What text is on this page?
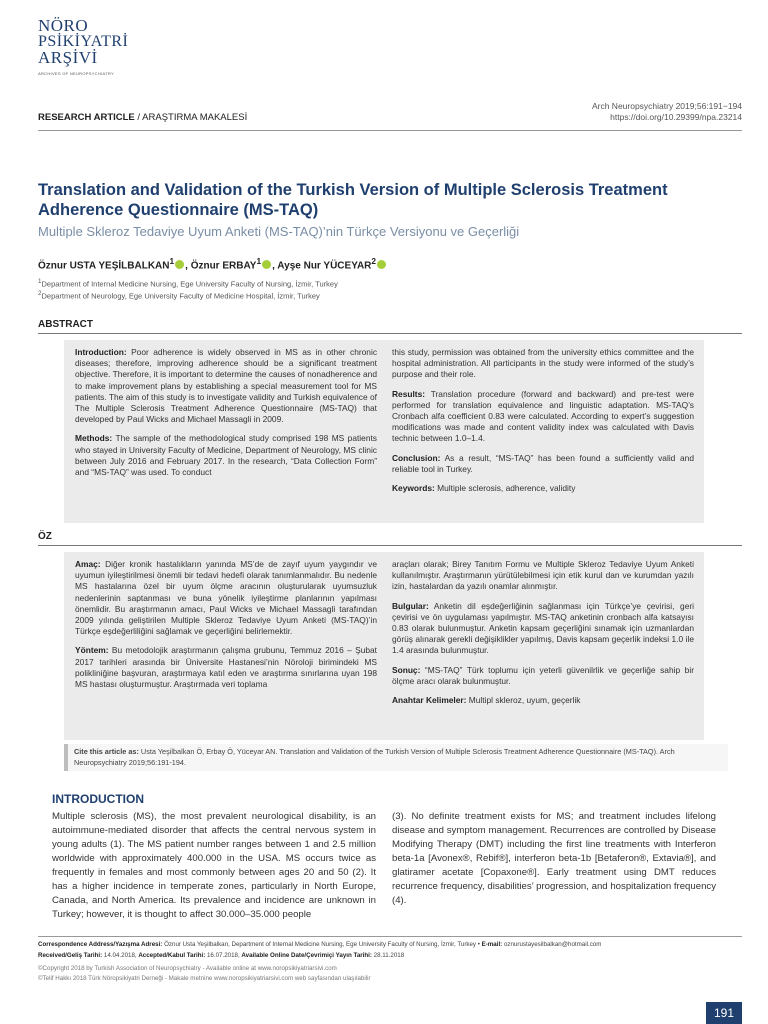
NÖRO
PSİKİYATRİ
ARŞİVİ
ARCHIVES OF NEUROPSYCHIATRY
Arch Neuropsychiatry 2019;56:191−194
https://doi.org/10.29399/npa.23214
RESEARCH ARTICLE / ARAŞTIRMA MAKALESİ
Translation and Validation of the Turkish Version of Multiple Sclerosis Treatment Adherence Questionnaire (MS-TAQ)
Multiple Skleroz Tedaviye Uyum Anketi (MS-TAQ)’nin Türkçe Versiyonu ve Geçerliği
Öznur USTA YEŞİLBALKAN$^1$ , Öznur ERBAY$^1$ , Ayşe Nur YÜCEYAR$^2$
$^1$Department of Internal Medicine Nursing, Ege University Faculty of Nursing, İzmir, Turkey
$^2$Department of Neurology, Ege University Faculty of Medicine Hospital, İzmir, Turkey
ABSTRACT

Introduction: Poor adherence is widely observed in MS as in other chronic diseases; therefore, improving adherence should be a significant treatment objective. Therefore, it is important to determine the causes of nonadherence and to make improvement plans by establishing a special measurement tool for MS patients. The aim of this study is to investigate validity and Turkish equivalence of The Multiple Sclerosis Treatment Adherence Questionnaire (MS-TAQ) that developed by Paul Wicks and Michael Massagli in 2009.

Methods: The sample of the methodological study comprised 198 MS patients who stayed in University Faculty of Medicine, Department of Neurology, MS clinic between July 2016 and February 2017. In the research, “Data Collection Form” and “MS-TAQ” was used. To conduct

this study, permission was obtained from the university ethics committee and the hospital administration. All participants in the study were informed of the study’s purpose and their role.

Results: Translation procedure (forward and backward) and pre-test were performed for translation equivalence and linguistic adaptation. MS-TAQ’s Cronbach alfa coefficient 0.83 were calculated. According to expert’s suggestion modifications was made and content validity index was calculated with Davis technic between 1.0–1.4.

Conclusion: As a result, “MS-TAQ” has been found a sufficiently valid and reliable tool in Turkey.

Keywords: Multiple sclerosis, adherence, validity

ÖZ

Amaç: Diğer kronik hastalıkların yanında MS’de de zayıf uyum yaygındır ve uyumun iyileştirilmesi önemli bir tedavi hedefi olarak tanımlanmalıdır. Bu nedenle MS hastalarına özel bir uyum ölçme aracının oluşturularak uyumsuzluk nedenlerinin saptanması ve buna yönelik iyileştirme planlarının yapılması önemlidir. Bu araştırmanın amacı, Paul Wicks ve Michael Massagli tarafından 2009 yılında geliştirilen Multiple Skleroz Tedaviye Uyum Anketi (MS-TAQ)’in Türkçe eşdeğerliliğini sağlamak ve geçerliğini belirlemektir.

Yöntem: Bu metodolojik araştırmanın çalışma grubunu, Temmuz 2016 – Şubat 2017 tarihleri arasında bir Üniversite Hastanesi’nin Nöroloji birimindeki MS polikliniğine başvuran, araştırmaya katıl eden ve araştırma sınırlarına uyan 198 MS hastası oluşturmuştur. Araştırmada veri toplama

araçları olarak; Birey Tanıtım Formu ve Multiple Skleroz Tedaviye Uyum Anketi kullanılmıştır. Araştırmanın yürütülebilmesi için etik kurul dan ve kurumdan yazılı izin, hastalardan da yazılı onamlar alınmıştır.

Bulgular: Anketin dil eşdeğerliğinin sağlanması için Türkçe’ye çevirisi, geri çevirisi ve ön uygulaması yapılmıştır. MS-TAQ anketinin cronbach alfa katsayısı 0.83 olarak bulunmuştur. Anketin kapsam geçerliğini sınamak için uzmanlardan görüş alınarak gerekli değişiklikler yapılmış, Davis kapsam geçerlik indeksi 1.0 ile 1.4 arasında bulunmuştur.

Sonuç: “MS-TAQ” Türk toplumu için yeterli güvenilrlik ve geçerliğe sahip bir ölçme aracı olarak bulunmuştur.

Anahtar Kelimeler: Multipl skleroz, uyum, geçerlik

Cite this article as: Usta Yeşilbalkan Ö, Erbay Ö, Yüceyar AN. Translation and Validation of the Turkish Version of Multiple Sclerosis Treatment Adherence Questionnaire (MS-TAQ). Arch Neuropsychiatry 2019;56:191-194.
INTRODUCTION
Multiple sclerosis (MS), the most prevalent neurological disability, is an autoimmune-mediated disorder that affects the central nervous system in young adults (1). The MS patient number ranges between 1 and 2.5 million worldwide with approximately 400.000 in the USA. MS occurs twice as frequently in females and most commonly between ages 20 and 50 (2). It has a higher incidence in temperate zones, particularly in North Europe, Canada, and North America. Its prevalence and incidence are unknown in Turkey; however, it is thought to affect 30.000–35.000 people
(3). No definite treatment exists for MS; and treatment includes lifelong disease and symptom management. Recurrences are controlled by Disease Modifying Therapy (DMT) including the first line treatments with Interferon beta-1a [Avonex®, Rebif®], interferon beta-1b [Betaferon®, Extavia®], and glatiramer acetate [Copaxone®]. Early treatment using DMT reduces recurrence frequency, disabilities’ progression, and hospitalization frequency (4).
Correspondence Address/Yazışma Adresi: Öznur Usta Yeşilbalkan, Department of Internal Medicine Nursing, Ege University Faculty of Nursing, İzmir, Turkey • E-mail: oznurustayesilbalkan@hotmail.com
Received/Geliş Tarihi: 14.04.2018, Accepted/Kabul Tarihi: 16.07.2018, Available Online Date/Çevrimiçi Yayın Tarihi: 28.11.2018
©Copyright 2018 by Turkish Association of Neuropsychiatry - Available online at www.noropsikiyatriarsivi.com
©Telif Hakkı 2018 Türk Nöropsikiyatri Derneği - Makale metnine www.noropsikiyatriarsivi.com web sayfasından ulaşılabilir
191
